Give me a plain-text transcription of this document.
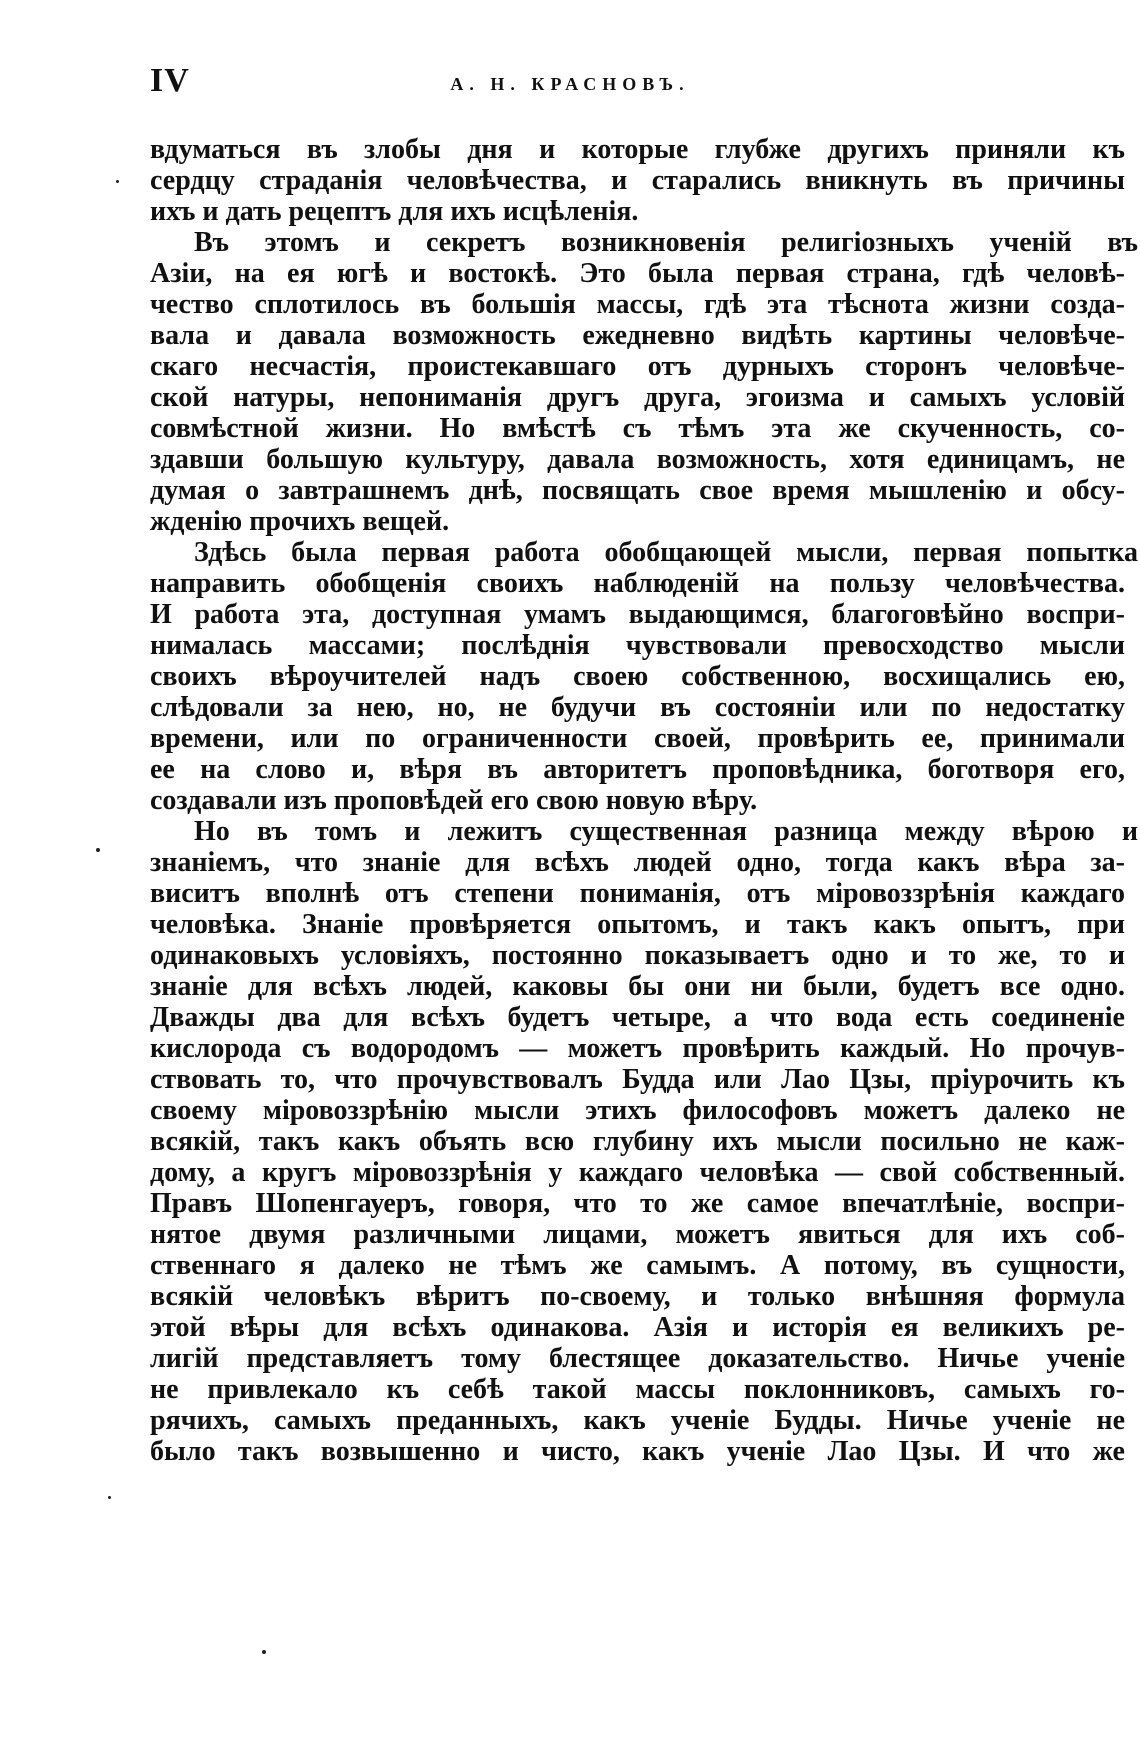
IV	А. Н. КРАСНОВЪ.
вдуматься въ злобы дня и которые глубже другихъ приняли къ
сердцу страданія человѣчества, и старались вникнуть въ причины
ихъ и дать рецептъ для ихъ исцѣленія.
Въ этомъ и секретъ возникновенія религіозныхъ ученій въ
Азіи, на ея югѣ и востокѣ. Это была первая страна, гдѣ человѣ-
чество сплотилось въ большія массы, гдѣ эта тѣснота жизни созда-
вала и давала возможность ежедневно видѣть картины человѣче-
скаго несчастія, проистекавшаго отъ дурныхъ сторонъ человѣче-
ской натуры, непониманія другъ друга, эгоизма и самыхъ условій
совмѣстной жизни. Но вмѣстѣ съ тѣмъ эта же скученность, со-
здавши большую культуру, давала возможность, хотя единицамъ, не
думая о завтрашнемъ днѣ, посвящать свое время мышленію и обсу-
жденію прочихъ вещей.
Здѣсь была первая работа обобщающей мысли, первая попытка
направить обобщенія своихъ наблюденій на пользу человѣчества.
И работа эта, доступная умамъ выдающимся, благоговѣйно воспри-
нималась массами; послѣднія чувствовали превосходство мысли
своихъ вѣроучителей надъ своею собственною, восхищались ею,
слѣдовали за нею, но, не будучи въ состояніи или по недостатку
времени, или по ограниченности своей, провѣрить ее, принимали
ее на слово и, вѣря въ авторитетъ проповѣдника, боготворя его,
создавали изъ проповѣдей его свою новую вѣру.
Но въ томъ и лежитъ существенная разница между вѣрою и
знаніемъ, что знаніе для всѣхъ людей одно, тогда какъ вѣра за-
виситъ вполнѣ отъ степени пониманія, отъ міровоззрѣнія каждаго
человѣка. Знаніе провѣряется опытомъ, и такъ какъ опытъ, при
одинаковыхъ условіяхъ, постоянно показываетъ одно и то же, то и
знаніе для всѣхъ людей, каковы бы они ни были, будетъ все одно.
Дважды два для всѣхъ будетъ четыре, а что вода есть соединеніе
кислорода съ водородомъ — можетъ провѣрить каждый. Но прочув-
ствовать то, что прочувствовалъ Будда или Лао Цзы, пріурочить къ
своему міровоззрѣнію мысли этихъ философовъ можетъ далеко не
всякій, такъ какъ объять всю глубину ихъ мысли посильно не каж-
дому, а кругъ міровоззрѣнія у каждаго человѣка — свой собственный.
Правъ Шопенгауеръ, говоря, что то же самое впечатлѣніе, воспри-
нятое двумя различными лицами, можетъ явиться для ихъ соб-
ственнаго я далеко не тѣмъ же самымъ. А потому, въ сущности,
всякій человѣкъ вѣритъ по-своему, и только внѣшняя формула
этой вѣры для всѣхъ одинакова. Азія и исторія ея великихъ ре-
лигій представляетъ тому блестящее доказательство. Ничье ученіе
не привлекало къ себѣ такой массы поклонниковъ, самыхъ го-
рячихъ, самыхъ преданныхъ, какъ ученіе Будды. Ничье ученіе не
было такъ возвышенно и чисто, какъ ученіе Лао Цзы. И что же
